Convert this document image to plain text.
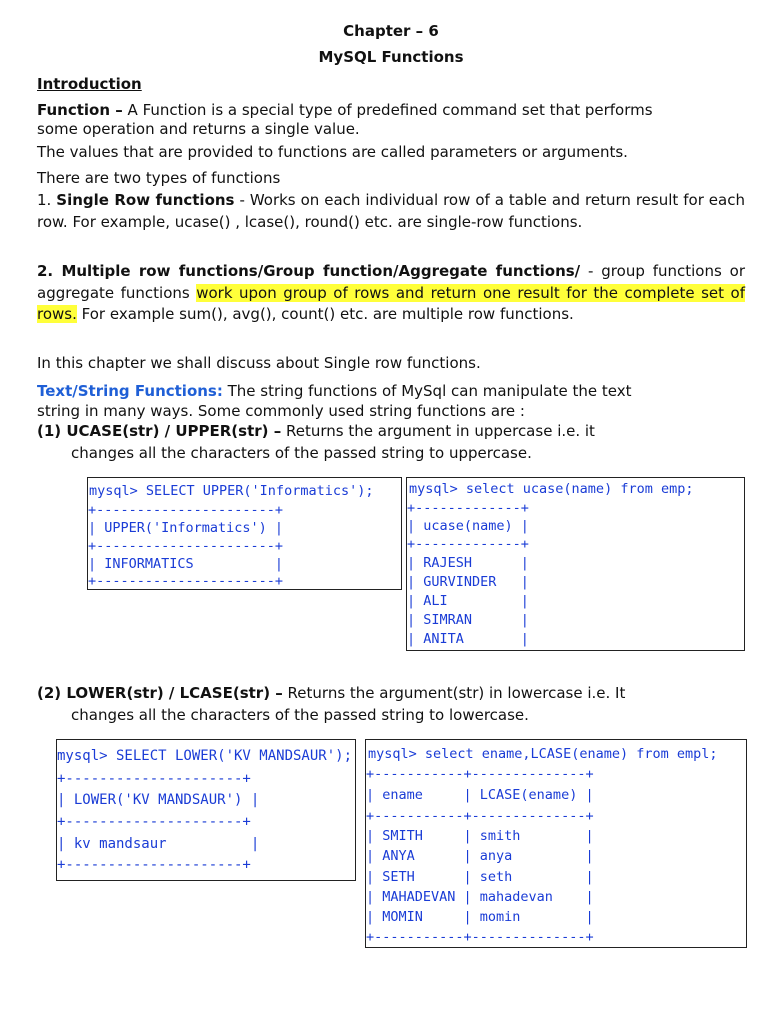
Chapter – 6
MySQL Functions
Introduction
Function – A Function is a special type of predefined command set that performs
some operation and returns a single value.
The values that are provided to functions are called parameters or arguments.
There are two types of functions
1. Single Row functions - Works on each individual row of a table and return result for each row. For example, ucase() , lcase(), round() etc. are single-row functions.
2. Multiple row functions/Group function/Aggregate functions/ - group functions or aggregate functions work upon group of rows and return one result for the complete set of rows. For example sum(), avg(), count() etc. are multiple row functions.
In this chapter we shall discuss about Single row functions.
Text/String Functions: The string functions of MySql can manipulate the text
string in many ways. Some commonly used string functions are :
(1) UCASE(str) / UPPER(str) – Returns the argument in uppercase i.e. it
changes all the characters of the passed string to uppercase.

mysql> SELECT UPPER('Informatics');

+----------------------+

| UPPER('Informatics') |

+----------------------+

| INFORMATICS          |

+----------------------+

mysql> select ucase(name) from emp;

+-------------+

| ucase(name) |

+-------------+

| RAJESH      |

| GURVINDER   |

| ALI         |

| SIMRAN      |

| ANITA       |

(2) LOWER(str) / LCASE(str) – Returns the argument(str) in lowercase i.e. It
changes all the characters of the passed string to lowercase.

mysql> SELECT LOWER('KV MANDSAUR');

+---------------------+

| LOWER('KV MANDSAUR') |

+---------------------+

| kv mandsaur          |

+---------------------+

mysql> select ename,LCASE(ename) from empl;

+-----------+--------------+

| ename     | LCASE(ename) |

+-----------+--------------+

| SMITH     | smith        |

| ANYA      | anya         |

| SETH      | seth         |

| MAHADEVAN | mahadevan    |

| MOMIN     | momin        |

+-----------+--------------+
